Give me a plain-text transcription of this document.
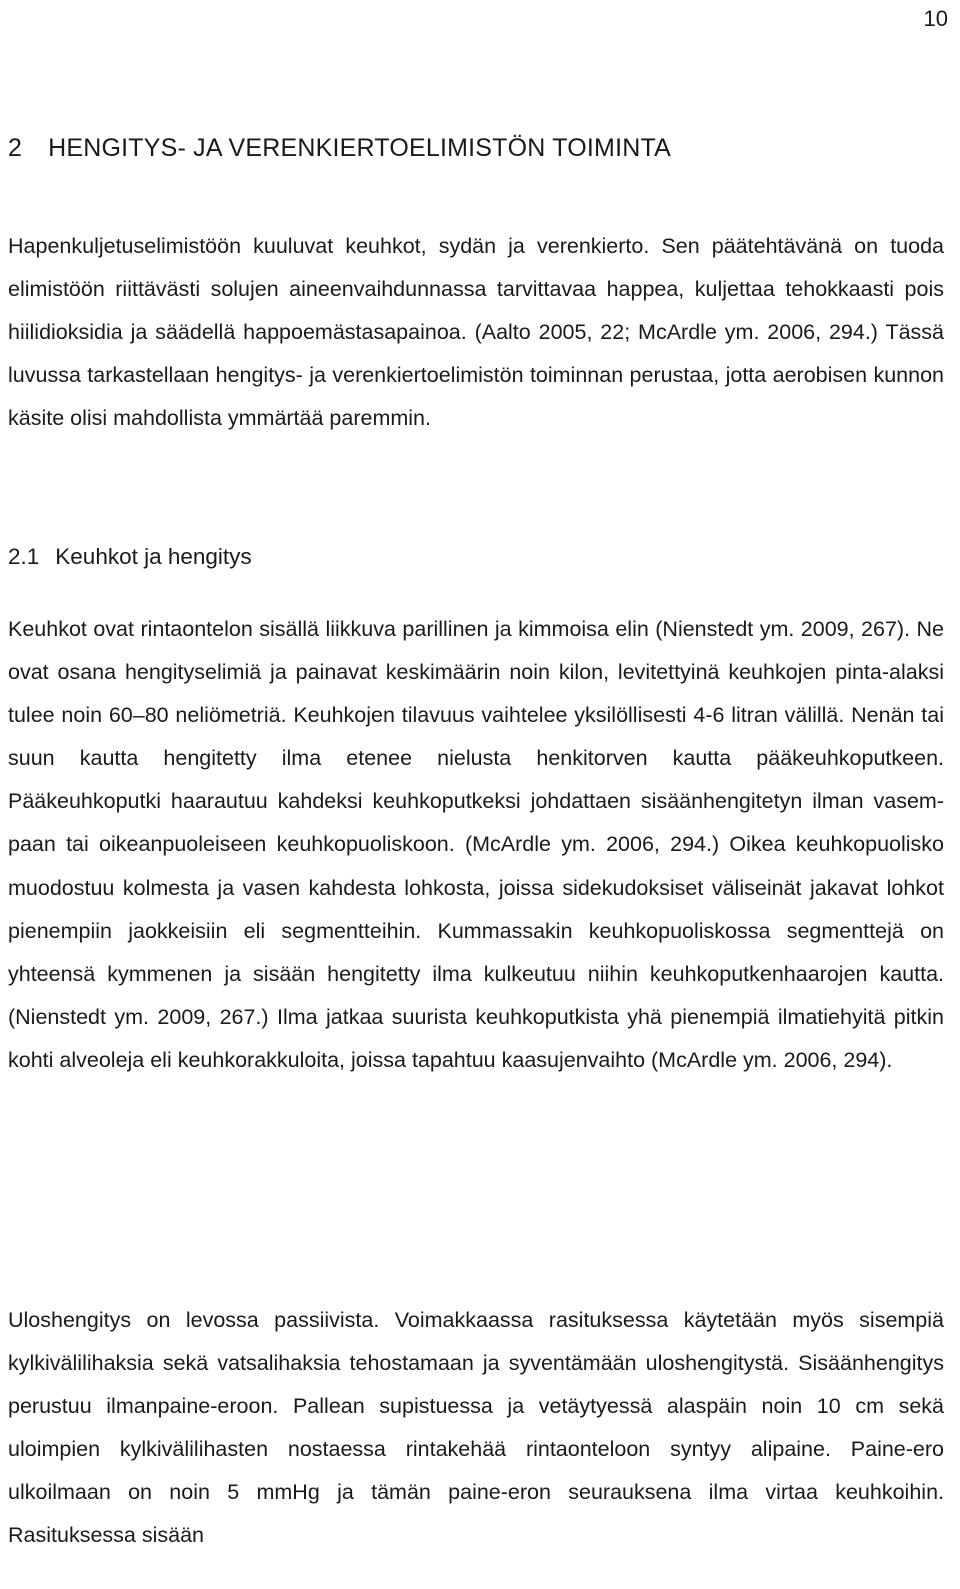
10
2 HENGITYS- JA VERENKIERTOELIMISTÖN TOIMINTA

Hapenkuljetuselimistöön kuuluvat keuhkot, sydän ja verenkierto. Sen päätehtävänä on tuoda elimistöön riittävästi solujen aineenvaihdunnassa tarvittavaa happea, kuljettaa tehokkaasti pois hiilidioksidia ja säädellä happoemästasapainoa. (Aalto 2005, 22; McArdle ym. 2006, 294.) Tässä luvussa tarkastellaan hengitys- ja verenkiertoelimistön toiminnan perustaa, jotta aerobisen kunnon käsite olisi mahdollista ymmärtää paremmin.

2.1 Keuhkot ja hengitys

Keuhkot ovat rintaontelon sisällä liikkuva parillinen ja kimmoisa elin (Nienstedt ym. 2009, 267). Ne ovat osana hengityselimiä ja painavat keskimäärin noin kilon, levitettyinä keuhkojen pinta-alaksi tulee noin 60–80 neliömetriä. Keuhkojen tilavuus vaihtelee yksilöllisesti 4-6 litran välillä. Nenän tai suun kautta hengitetty ilma etenee nielusta henkitorven kautta pääkeuhkoputkeen. Pääkeuhkoputki haarautuu kahdeksi keuhkoputkeksi johdattaen sisäänhengitetyn ilman vasempaan tai oikeanpuoleiseen keuhkopuoliskoon. (McArdle ym. 2006, 294.) Oikea keuhkopuolisko muodostuu kolmesta ja vasen kahdesta lohkosta, joissa sidekudoksiset väliseinät jakavat lohkot pienempiin jaokkeisiin eli segmentteihin. Kummassakin keuhkopuoliskossa segmenttejä on yhteensä kymmenen ja sisään hengitetty ilma kulkeutuu niihin keuhkoputkenhaarojen kautta. (Nienstedt ym. 2009, 267.) Ilma jatkaa suurista keuhkoputkista yhä pienempiä ilmatiehyitä pitkin kohti alveoleja eli keuhkorakkuloita, joissa tapahtuu kaasujenvaihto (McArdle ym. 2006, 294).

Uloshengitys on levossa passiivista. Voimakkaassa rasituksessa käytetään myös sisempiä kylkivälilihaksia sekä vatsalihaksia tehostamaan ja syventämään uloshengitystä. Sisäänhengitys perustuu ilmanpaine-eroon. Pallean supistuessa ja vetäytyessä alaspäin noin 10 cm sekä uloimpien kylkivälilihasten nostaessa rintakehää rintaonteloon syntyy alipaine. Paine-ero ulkoilmaan on noin 5 mmHg ja tämän paine-eron seurauksena ilma virtaa keuhkoihin. Rasituksessa sisään
